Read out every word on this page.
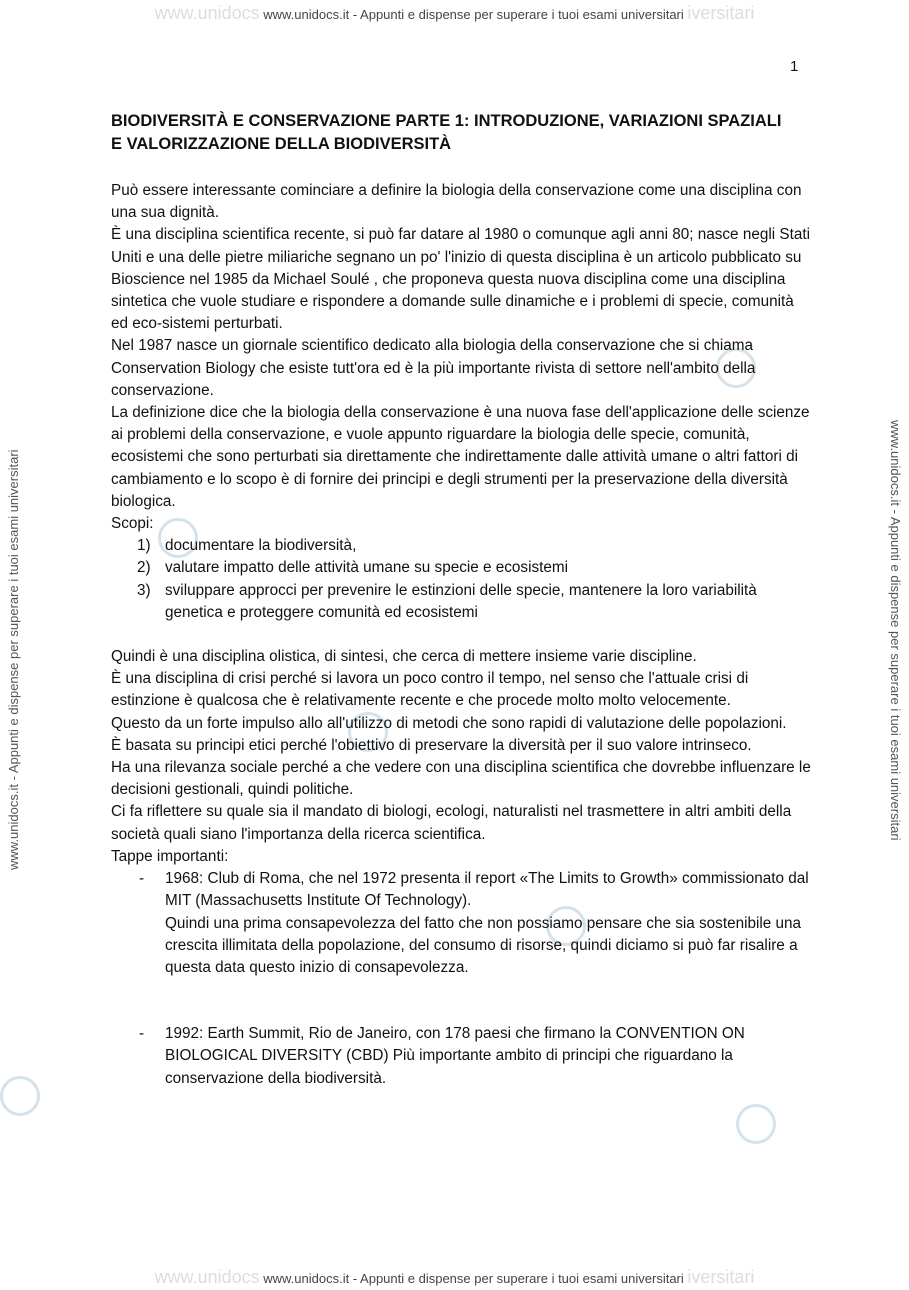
www.unidocs www.unidocs.it - Appunti e dispense per superare i tuoi esami universitari iversitari
www.unidocs www.unidocs.it - Appunti e dispense per superare i tuoi esami universitari iversitari
www.unidocs.it - Appunti e dispense per superare i tuoi esami universitari	www.unidocs.it - Appunti e dispense per superare i tuoi esami universitari
1
BIODIVERSITÀ E CONSERVAZIONE PARTE 1: INTRODUZIONE, VARIAZIONI SPAZIALI E VALORIZZAZIONE DELLA BIODIVERSITÀ

Può essere interessante cominciare a definire la biologia della conservazione come una disciplina con una sua dignità.

È una disciplina scientifica recente, si può far datare al 1980 o comunque agli anni 80; nasce negli Stati Uniti e una delle pietre miliariche segnano un po' l'inizio di questa disciplina è un articolo pubblicato su Bioscience nel 1985 da Michael Soulé , che proponeva questa nuova disciplina come una disciplina sintetica che vuole studiare e rispondere a domande sulle dinamiche e i problemi di specie, comunità ed eco-sistemi perturbati.

Nel 1987 nasce un giornale scientifico dedicato alla biologia della conservazione che si chiama Conservation Biology che esiste tutt'ora ed è la più importante rivista di settore nell'ambito della conservazione.

La definizione dice che la biologia della conservazione è una nuova fase dell'applicazione delle scienze ai problemi della conservazione, e vuole appunto riguardare la biologia delle specie, comunità, ecosistemi che sono perturbati sia direttamente che indirettamente dalle attività umane o altri fattori di cambiamento e lo scopo è di fornire dei principi e degli strumenti per la preservazione della diversità biologica.

Scopi:

1) documentare la biodiversità,
2) valutare impatto delle attività umane su specie e ecosistemi
3) sviluppare approcci per prevenire le estinzioni delle specie, mantenere la loro variabilità genetica e proteggere comunità ed ecosistemi

Quindi è una disciplina olistica, di sintesi, che cerca di mettere insieme varie discipline.

È una disciplina di crisi perché si lavora un poco contro il tempo, nel senso che l'attuale crisi di estinzione è qualcosa che è relativamente recente e che procede molto molto velocemente.

Questo da un forte impulso allo all'utilizzo di metodi che sono rapidi di valutazione delle popolazioni.

È basata su principi etici perché l'obiettivo di preservare la diversità per il suo valore intrinseco.

Ha una rilevanza sociale perché a che vedere con una disciplina scientifica che dovrebbe influenzare le decisioni gestionali, quindi politiche.

Ci fa riflettere su quale sia il mandato di biologi, ecologi, naturalisti nel trasmettere in altri ambiti della società quali siano l'importanza della ricerca scientifica.

Tappe importanti:

- 1968: Club di Roma, che nel 1972 presenta il report «The Limits to Growth» commissionato dal MIT (Massachusetts Institute Of Technology).
Quindi una prima consapevolezza del fatto che non possiamo pensare che sia sostenibile una crescita illimitata della popolazione, del consumo di risorse, quindi diciamo si può far risalire a questa data questo inizio di consapevolezza.
- 1992: Earth Summit, Rio de Janeiro, con 178 paesi che firmano la CONVENTION ON BIOLOGICAL DIVERSITY (CBD) Più importante ambito di principi che riguardano la conservazione della biodiversità.
